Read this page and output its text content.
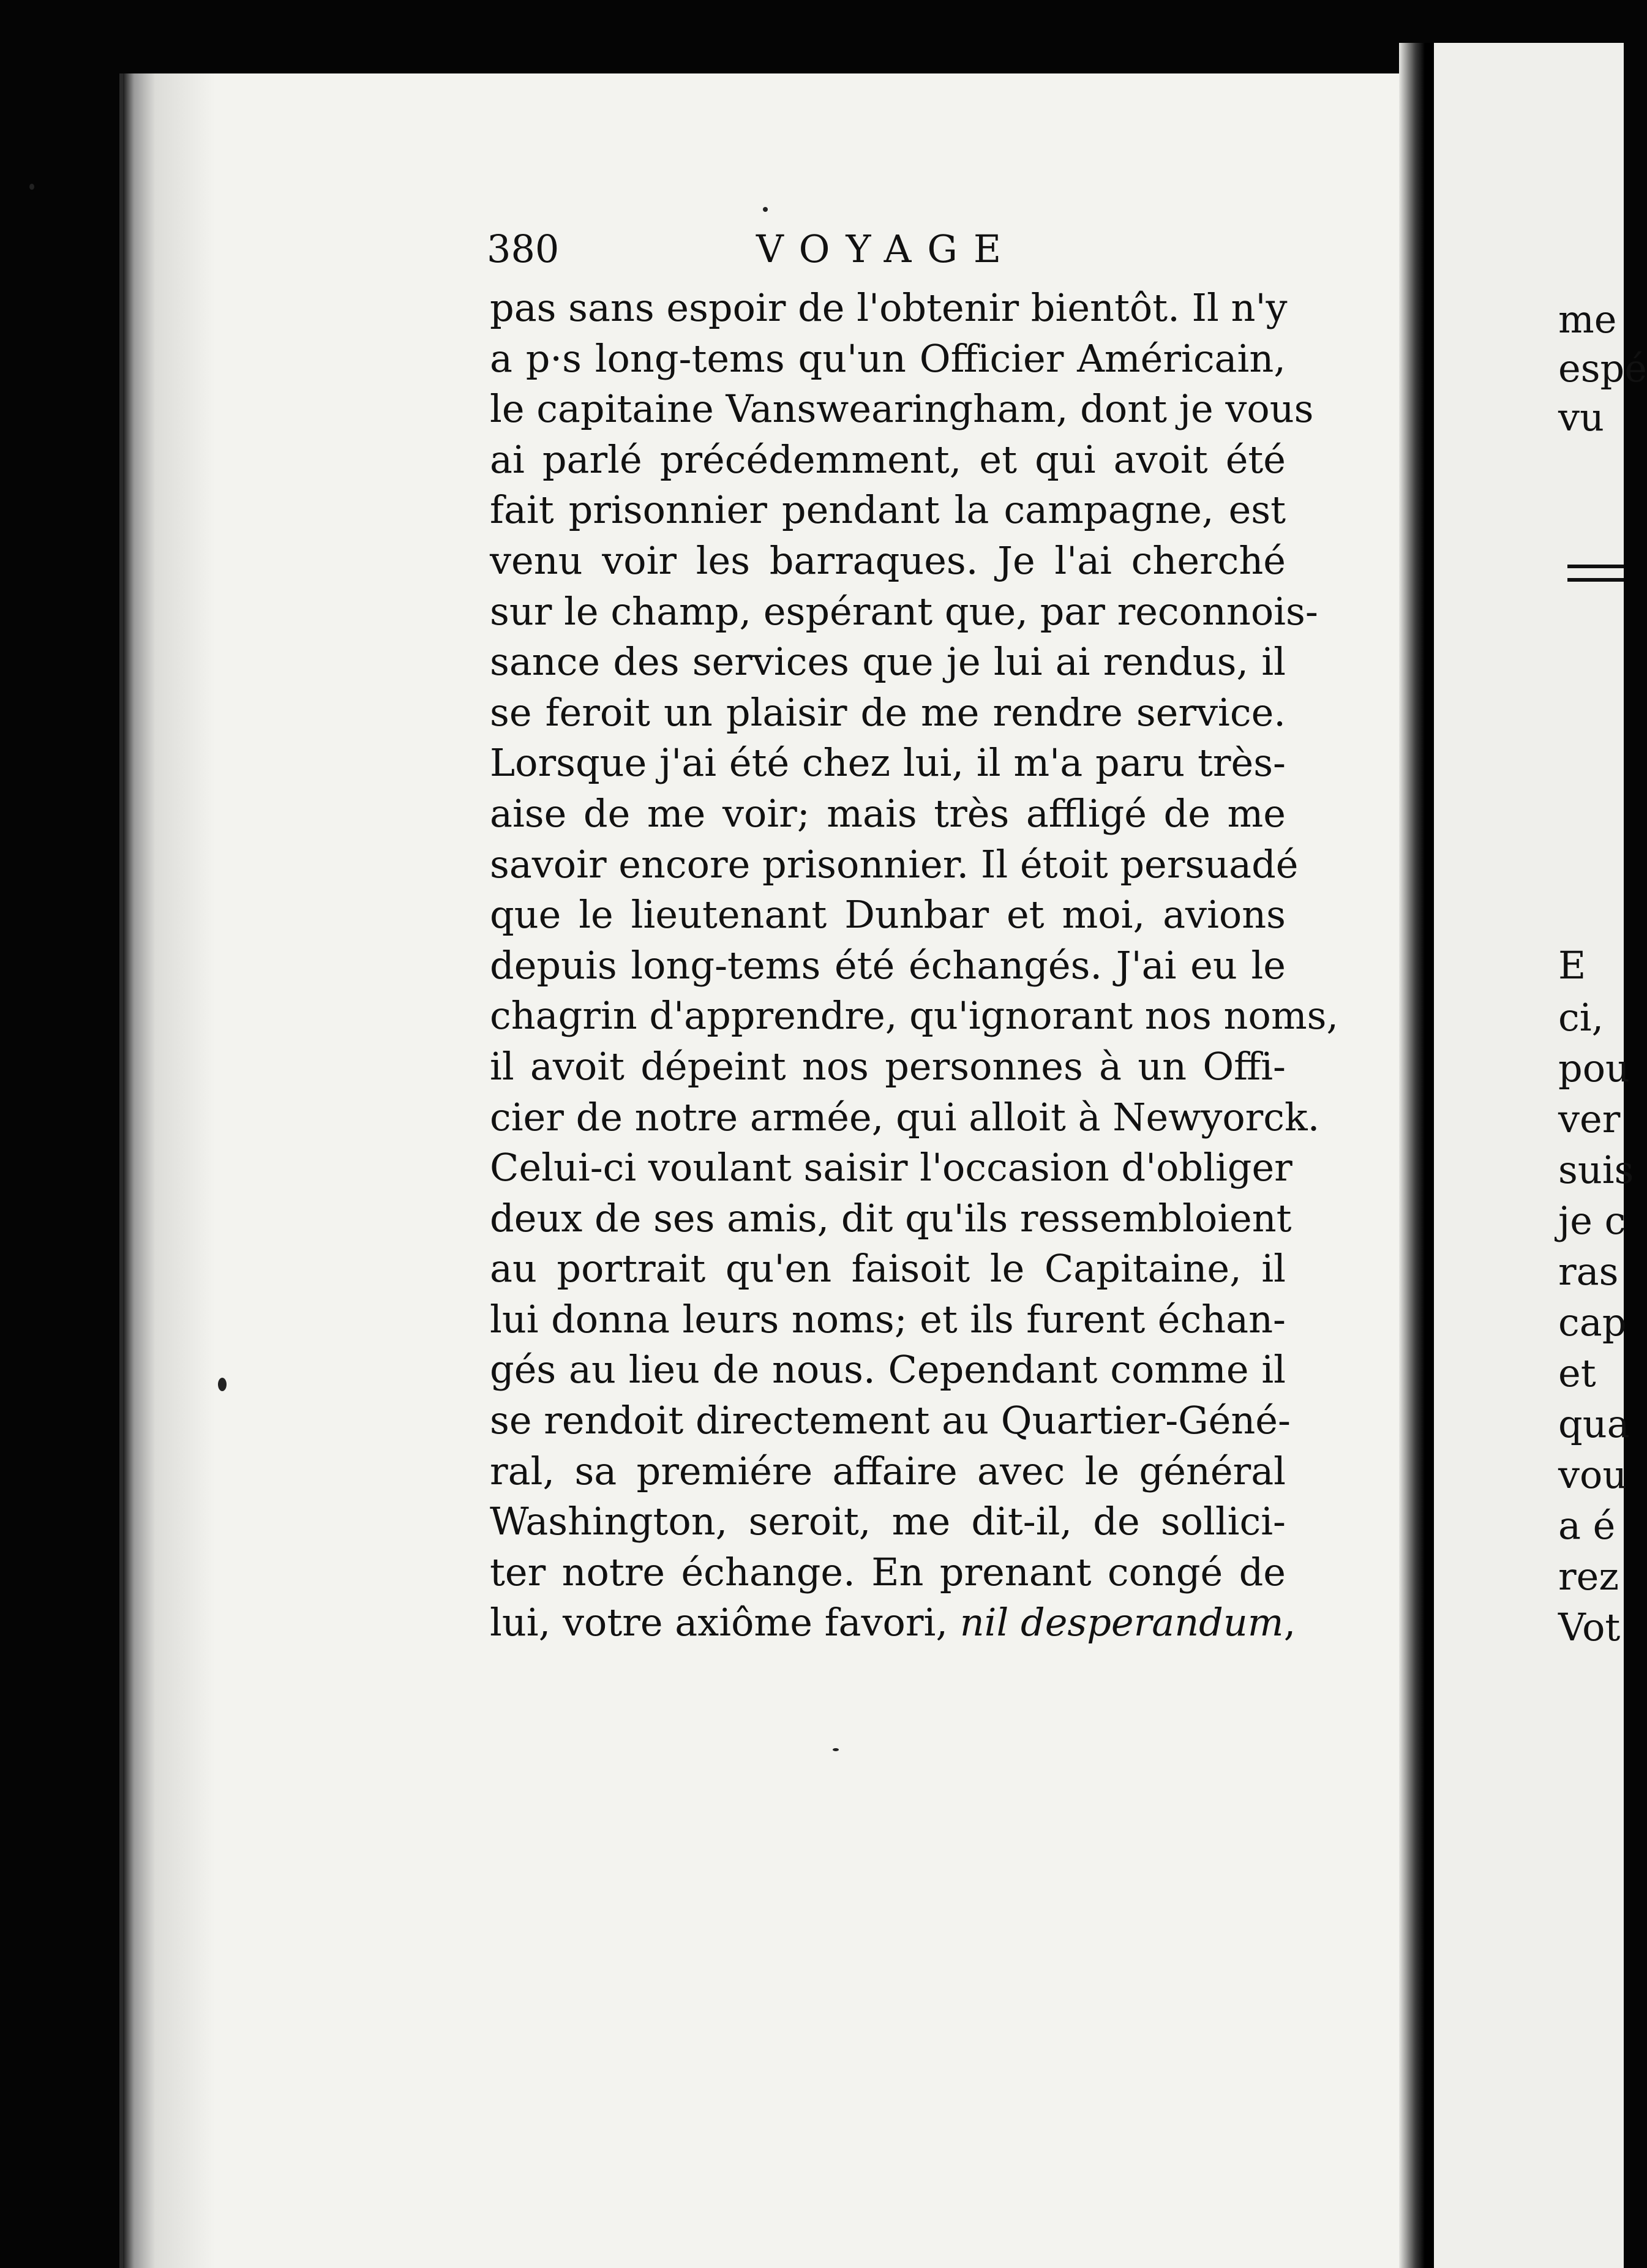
380	VOYAGE
pas sans espoir de l'obtenir bientôt. Il n'y
a p·s long-tems qu'un Officier Américain,
le capitaine Vanswearingham, dont je vous
ai parlé précédemment, et qui avoit été
fait prisonnier pendant la campagne, est
venu voir les barraques. Je l'ai cherché
sur le champ, espérant que, par reconnois-
sance des services que je lui ai rendus, il
se feroit un plaisir de me rendre service.
Lorsque j'ai été chez lui, il m'a paru très-
aise de me voir; mais très affligé de me
savoir encore prisonnier. Il étoit persuadé
que le lieutenant Dunbar et moi, avions
depuis long-tems été échangés. J'ai eu le
chagrin d'apprendre, qu'ignorant nos noms,
il avoit dépeint nos personnes à un Offi-
cier de notre armée, qui alloit à Newyorck.
Celui-ci voulant saisir l'occasion d'obliger
deux de ses amis, dit qu'ils ressembloient
au portrait qu'en faisoit le Capitaine, il
lui donna leurs noms; et ils furent échan-
gés au lieu de nous. Cependant comme il
se rendoit directement au Quartier-Géné-
ral, sa premiére affaire avec le général
Washington, seroit, me dit-il, de sollici-
ter notre échange. En prenant congé de
lui, votre axiôme favori, nil desperandum,
me
espé
vu
E
ci,
pou
ver
suis
je c
ras
cap
et
qua
vou
a é
rez
Vot
